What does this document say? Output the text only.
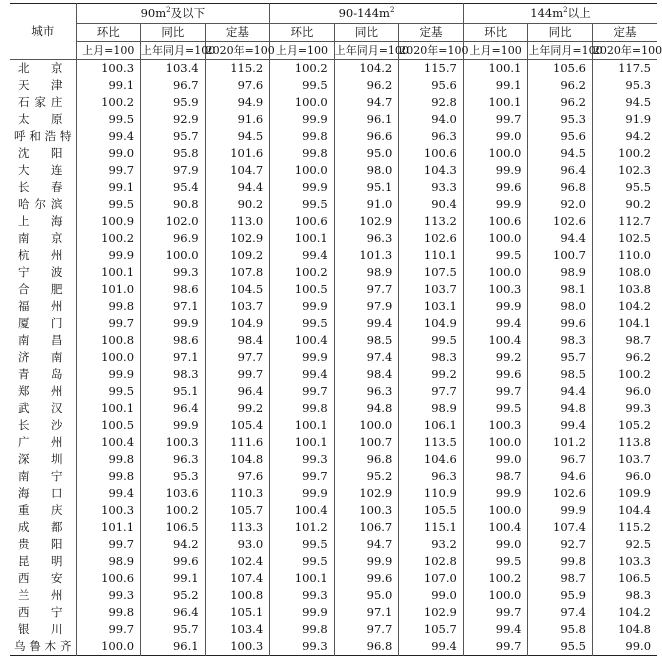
城市	$90m^2$及以下			$90-144m^2$			$144m^2$以上		
	环比	同比	定基	环比	同比	定基	环比	同比	定基
	上月=100	上年同月=100	2020年=100	上月=100	上年同月=100	2020年=100	上月=100	上年同月=100	2020年=100
北　京	100.3	103.4	115.2	100.2	104.2	115.7	100.1	105.6	117.5
天　津	99.1	96.7	97.6	99.5	96.2	95.6	99.1	96.2	95.3
石家庄	100.2	95.9	94.9	100.0	94.7	92.8	100.1	96.2	94.5
太　原	99.5	92.9	91.6	99.9	96.1	94.0	99.7	95.3	91.9
呼和浩特	99.4	95.7	94.5	99.8	96.6	96.3	99.0	95.6	94.2
沈　阳	99.0	95.8	101.6	99.8	95.0	100.6	100.0	94.5	100.2
大　连	99.7	97.9	104.7	100.0	98.0	104.3	99.9	96.4	102.3
长　春	99.1	95.4	94.4	99.9	95.1	93.3	99.6	96.8	95.5
哈尔滨	99.5	90.8	90.2	99.5	91.0	90.4	99.9	92.0	90.2
上　海	100.9	102.0	113.0	100.6	102.9	113.2	100.6	102.6	112.7
南　京	100.2	96.9	102.9	100.1	96.3	102.6	100.0	94.4	102.5
杭　州	99.9	100.0	109.2	99.4	101.3	110.1	99.5	100.7	110.0
宁　波	100.1	99.3	107.8	100.2	98.9	107.5	100.0	98.9	108.0
合　肥	101.0	98.6	104.5	100.5	97.7	103.7	100.3	98.1	103.8
福　州	99.8	97.1	103.7	99.9	97.9	103.1	99.9	98.0	104.2
厦　门	99.7	99.9	104.9	99.5	99.4	104.9	99.4	99.6	104.1
南　昌	100.8	98.6	98.4	100.4	98.5	99.5	100.4	98.3	98.7
济　南	100.0	97.1	97.7	99.9	97.4	98.3	99.2	95.7	96.2
青　岛	99.9	98.3	99.7	99.4	98.4	99.2	99.6	98.5	100.2
郑　州	99.5	95.1	96.4	99.7	96.3	97.7	99.7	94.4	96.0
武　汉	100.1	96.4	99.2	99.8	94.8	98.9	99.5	94.8	99.3
长　沙	100.5	99.9	105.4	100.1	100.0	106.1	100.3	99.4	105.2
广　州	100.4	100.3	111.6	100.1	100.7	113.5	100.0	101.2	113.8
深　圳	99.8	96.3	104.8	99.3	96.8	104.6	99.0	96.7	103.7
南　宁	99.8	95.3	97.6	99.7	95.2	96.3	98.7	94.6	96.0
海　口	99.4	103.6	110.3	99.9	102.9	110.9	99.9	102.6	109.9
重　庆	100.3	100.2	105.7	100.4	100.3	105.5	100.0	99.9	104.4
成　都	101.1	106.5	113.3	101.2	106.7	115.1	100.4	107.4	115.2
贵　阳	99.7	94.2	93.0	99.5	94.7	93.2	99.0	92.7	92.5
昆　明	98.9	99.6	102.4	99.5	99.9	102.8	99.5	99.8	103.3
西　安	100.6	99.1	107.4	100.1	99.6	107.0	100.2	98.7	106.5
兰　州	99.3	95.2	100.8	99.3	95.0	99.0	100.0	95.9	98.3
西　宁	99.8	96.4	105.1	99.9	97.1	102.9	99.7	97.4	104.2
银　川	99.7	95.7	103.4	99.8	97.7	105.7	99.4	95.8	104.8
乌鲁木齐	100.0	96.1	100.3	99.3	96.8	99.4	99.7	95.5	99.0
